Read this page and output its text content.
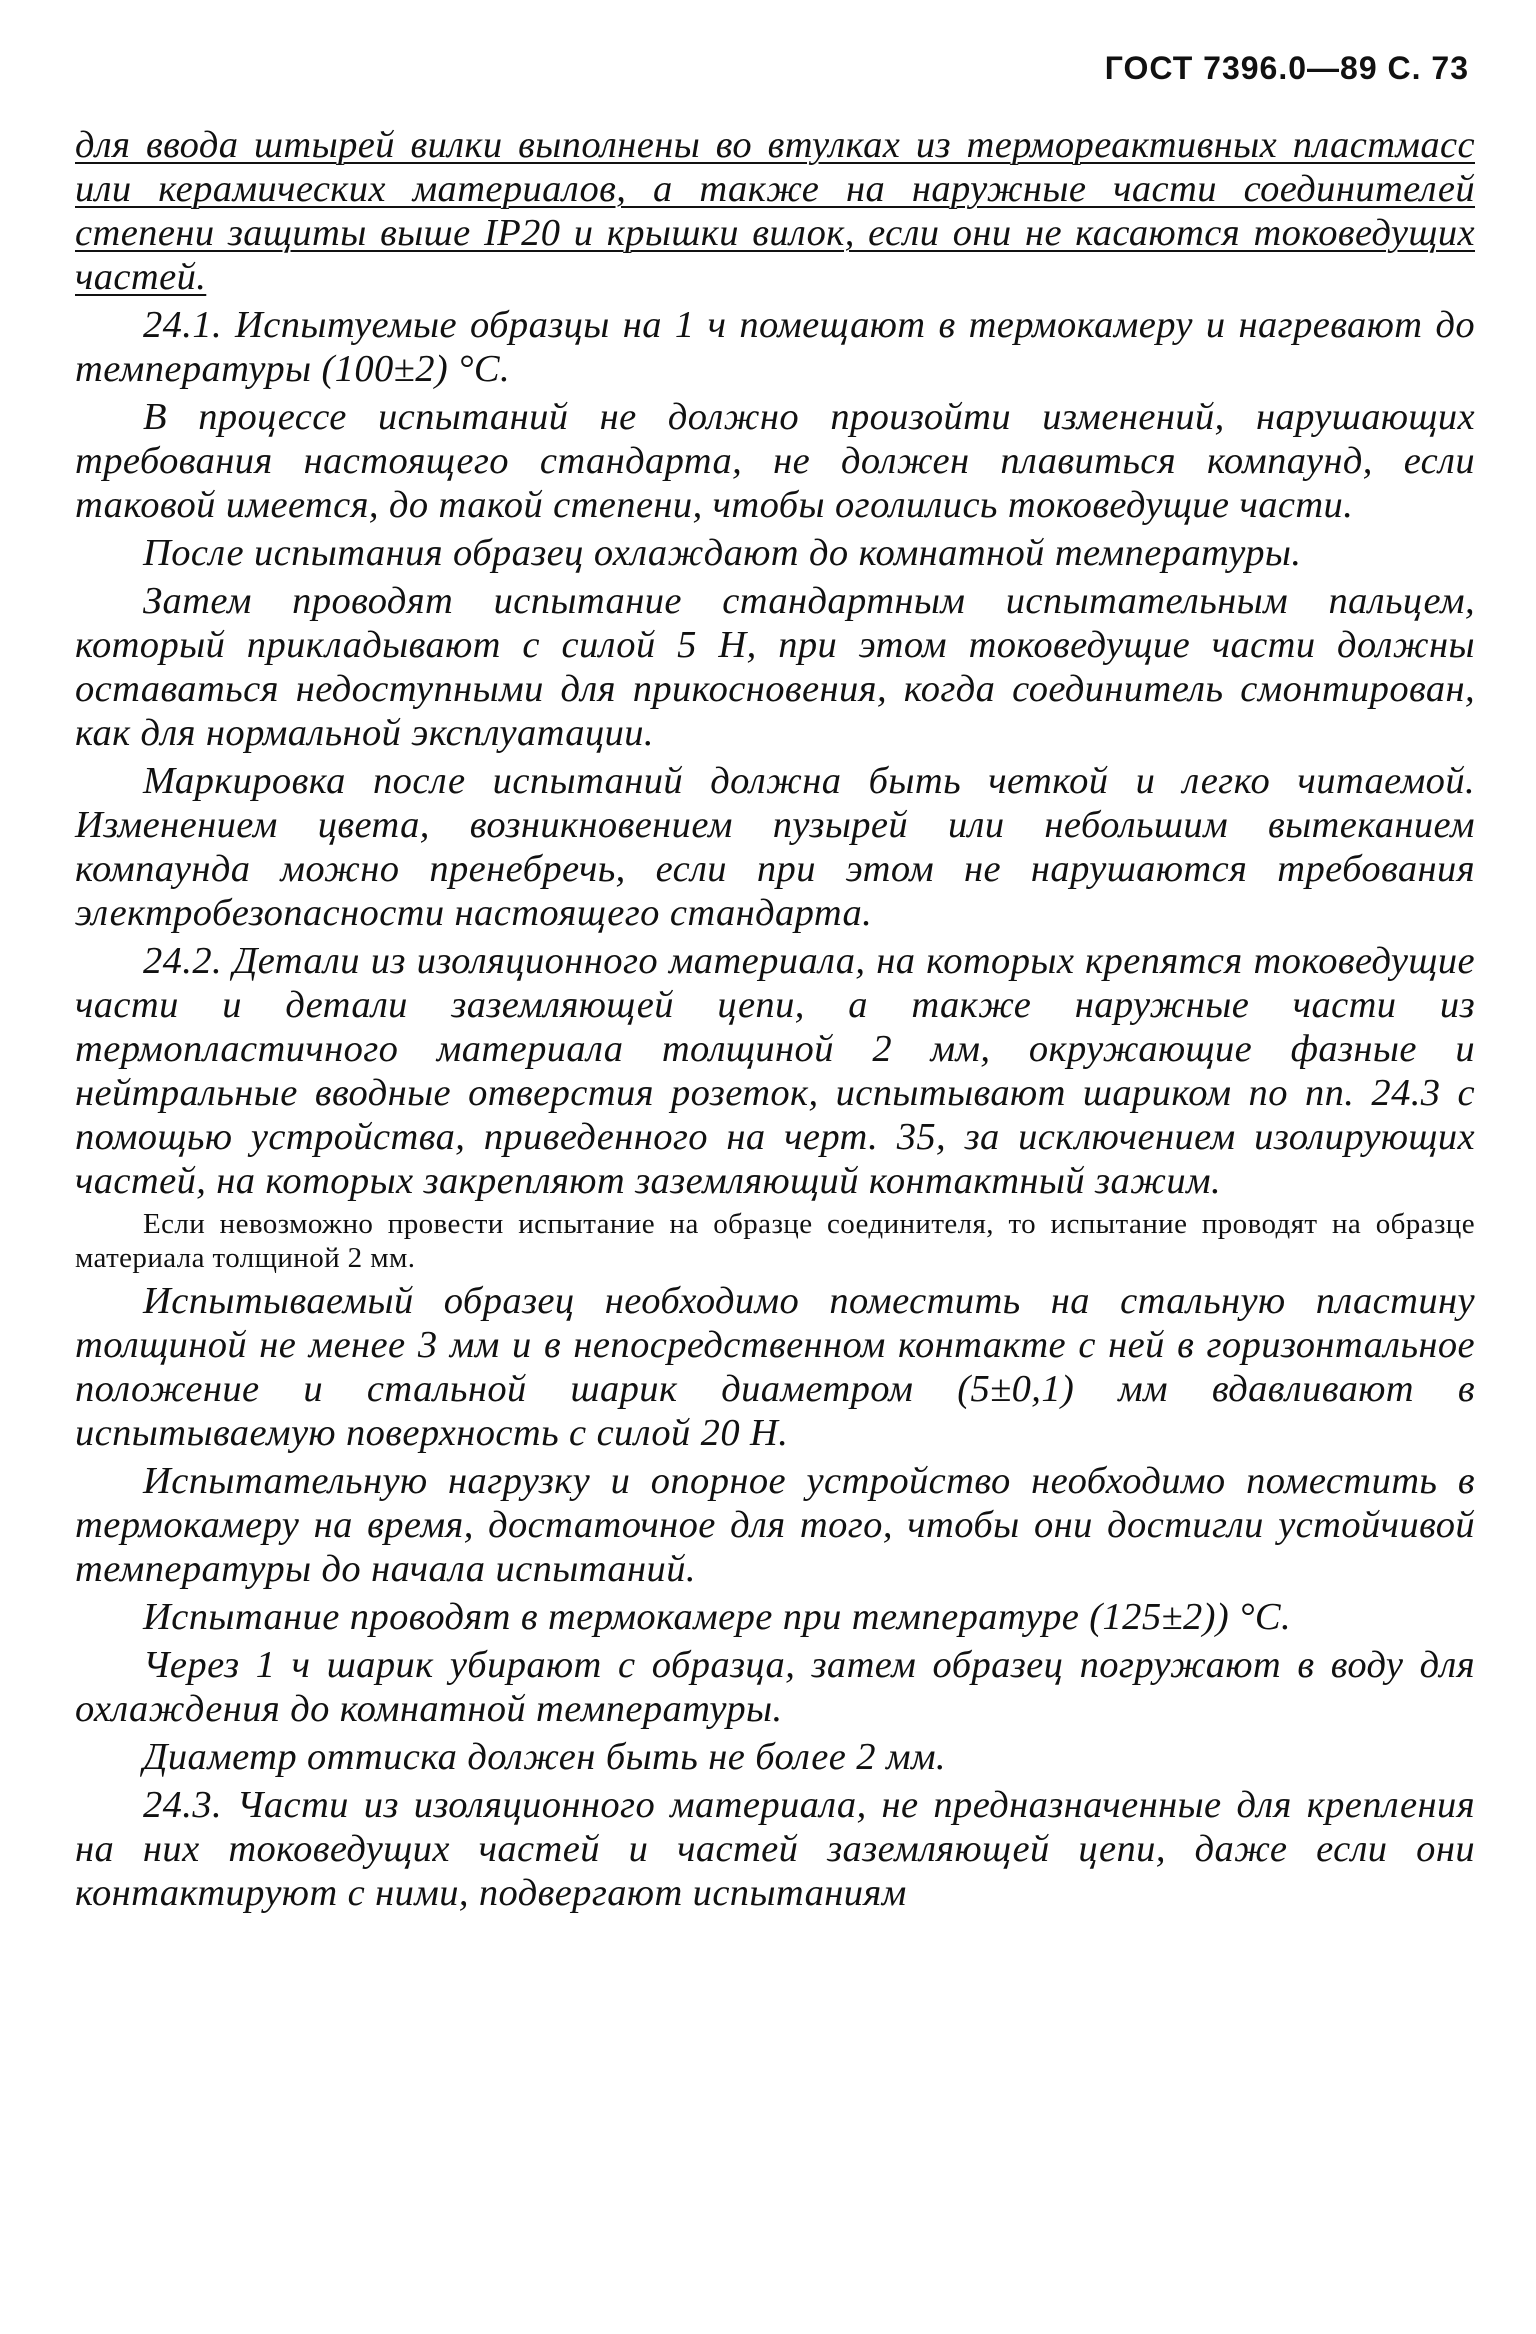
ГОСТ 7396.0—89 С. 73

для ввода штырей вилки выполнены во втулках из термореактивных пластмасс или керамических материалов, а также на наружные части соединителей степени защиты выше IP20 и крышки вилок, если они не касаются токоведущих частей.

24.1. Испытуемые образцы на 1 ч помещают в термокамеру и нагревают до температуры (100±2) °С.

В процессе испытаний не должно произойти изменений, нарушающих требования настоящего стандарта, не должен плавиться компаунд, если таковой имеется, до такой степени, чтобы оголились токоведущие части.

После испытания образец охлаждают до комнатной температуры.

Затем проводят испытание стандартным испытательным пальцем, который прикладывают с силой 5 Н, при этом токоведущие части должны оставаться недоступными для прикосновения, когда соединитель смонтирован, как для нормальной эксплуатации.

Маркировка после испытаний должна быть четкой и легко читаемой. Изменением цвета, возникновением пузырей или небольшим вытеканием компаунда можно пренебречь, если при этом не нарушаются требования электробезопасности настоящего стандарта.

24.2. Детали из изоляционного материала, на которых крепятся токоведущие части и детали заземляющей цепи, а также наружные части из термопластичного материала толщиной 2 мм, окружающие фазные и нейтральные вводные отверстия розеток, испытывают шариком по пп. 24.3 с помощью устройства, приведенного на черт. 35, за исключением изолирующих частей, на которых закрепляют заземляющий контактный зажим.

Если невозможно провести испытание на образце соединителя, то испытание проводят на образце материала толщиной 2 мм.

Испытываемый образец необходимо поместить на стальную пластину толщиной не менее 3 мм и в непосредственном контакте с ней в горизонтальное положение и стальной шарик диаметром (5±0,1) мм вдавливают в испытываемую поверхность с силой 20 Н.

Испытательную нагрузку и опорное устройство необходимо поместить в термокамеру на время, достаточное для того, чтобы они достигли устойчивой температуры до начала испытаний.

Испытание проводят в термокамере при температуре (125±2)) °С.

Через 1 ч шарик убирают с образца, затем образец погружают в воду для охлаждения до комнатной температуры.

Диаметр оттиска должен быть не более 2 мм.

24.3. Части из изоляционного материала, не предназначенные для крепления на них токоведущих частей и частей заземляющей цепи, даже если они контактируют с ними, подвергают испытаниям
